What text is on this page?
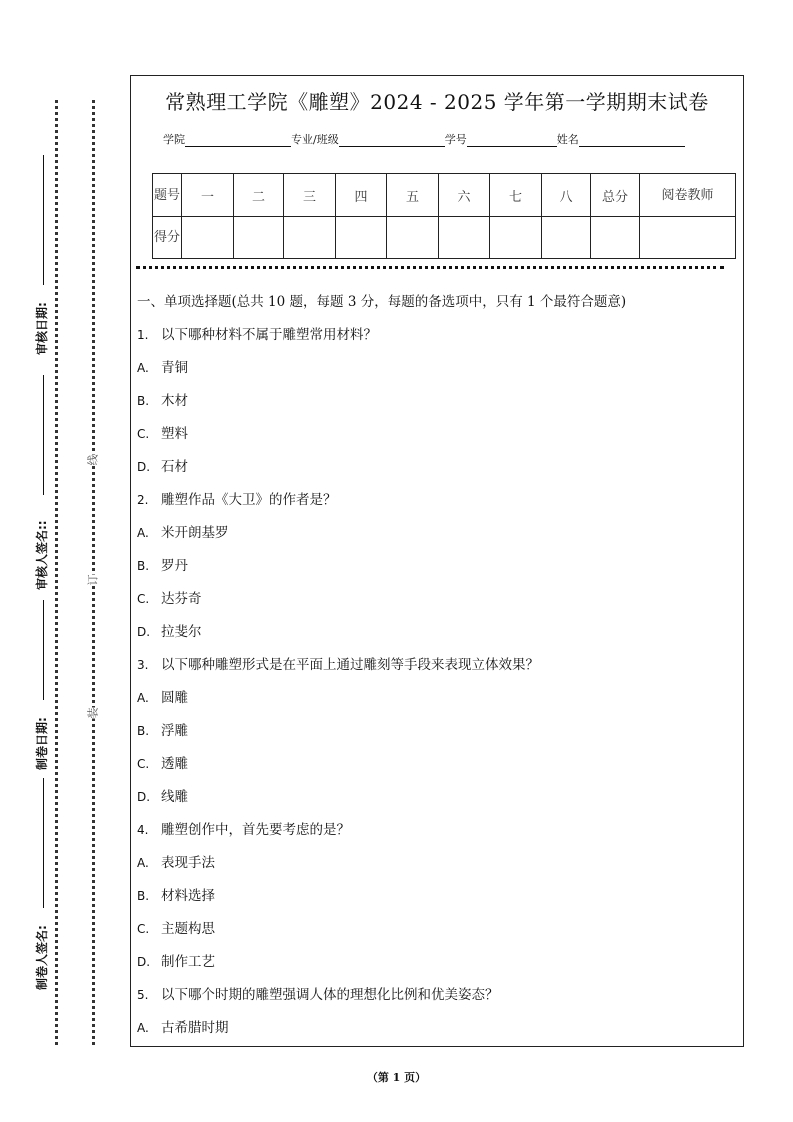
审核日期:
审核人签名::
制卷日期:
制卷人签名:
线
订
装
常熟理工学院《雕塑》2024 - 2025 学年第一学期期末试卷
学院	专业/班级	学号	姓名
题号	一	二	三	四	五	六	七	八	总分	阅卷教师
得分										
一、单项选择题(总共 10 题，每题 3 分，每题的备选项中，只有 1 个最符合题意)
1. 以下哪种材料不属于雕塑常用材料？
A. 青铜
B. 木材
C. 塑料
D. 石材
2. 雕塑作品《大卫》的作者是？
A. 米开朗基罗
B. 罗丹
C. 达芬奇
D. 拉斐尔
3. 以下哪种雕塑形式是在平面上通过雕刻等手段来表现立体效果？
A. 圆雕
B. 浮雕
C. 透雕
D. 线雕
4. 雕塑创作中，首先要考虑的是？
A. 表现手法
B. 材料选择
C. 主题构思
D. 制作工艺
5. 以下哪个时期的雕塑强调人体的理想化比例和优美姿态？
A. 古希腊时期
（第 1 页）
